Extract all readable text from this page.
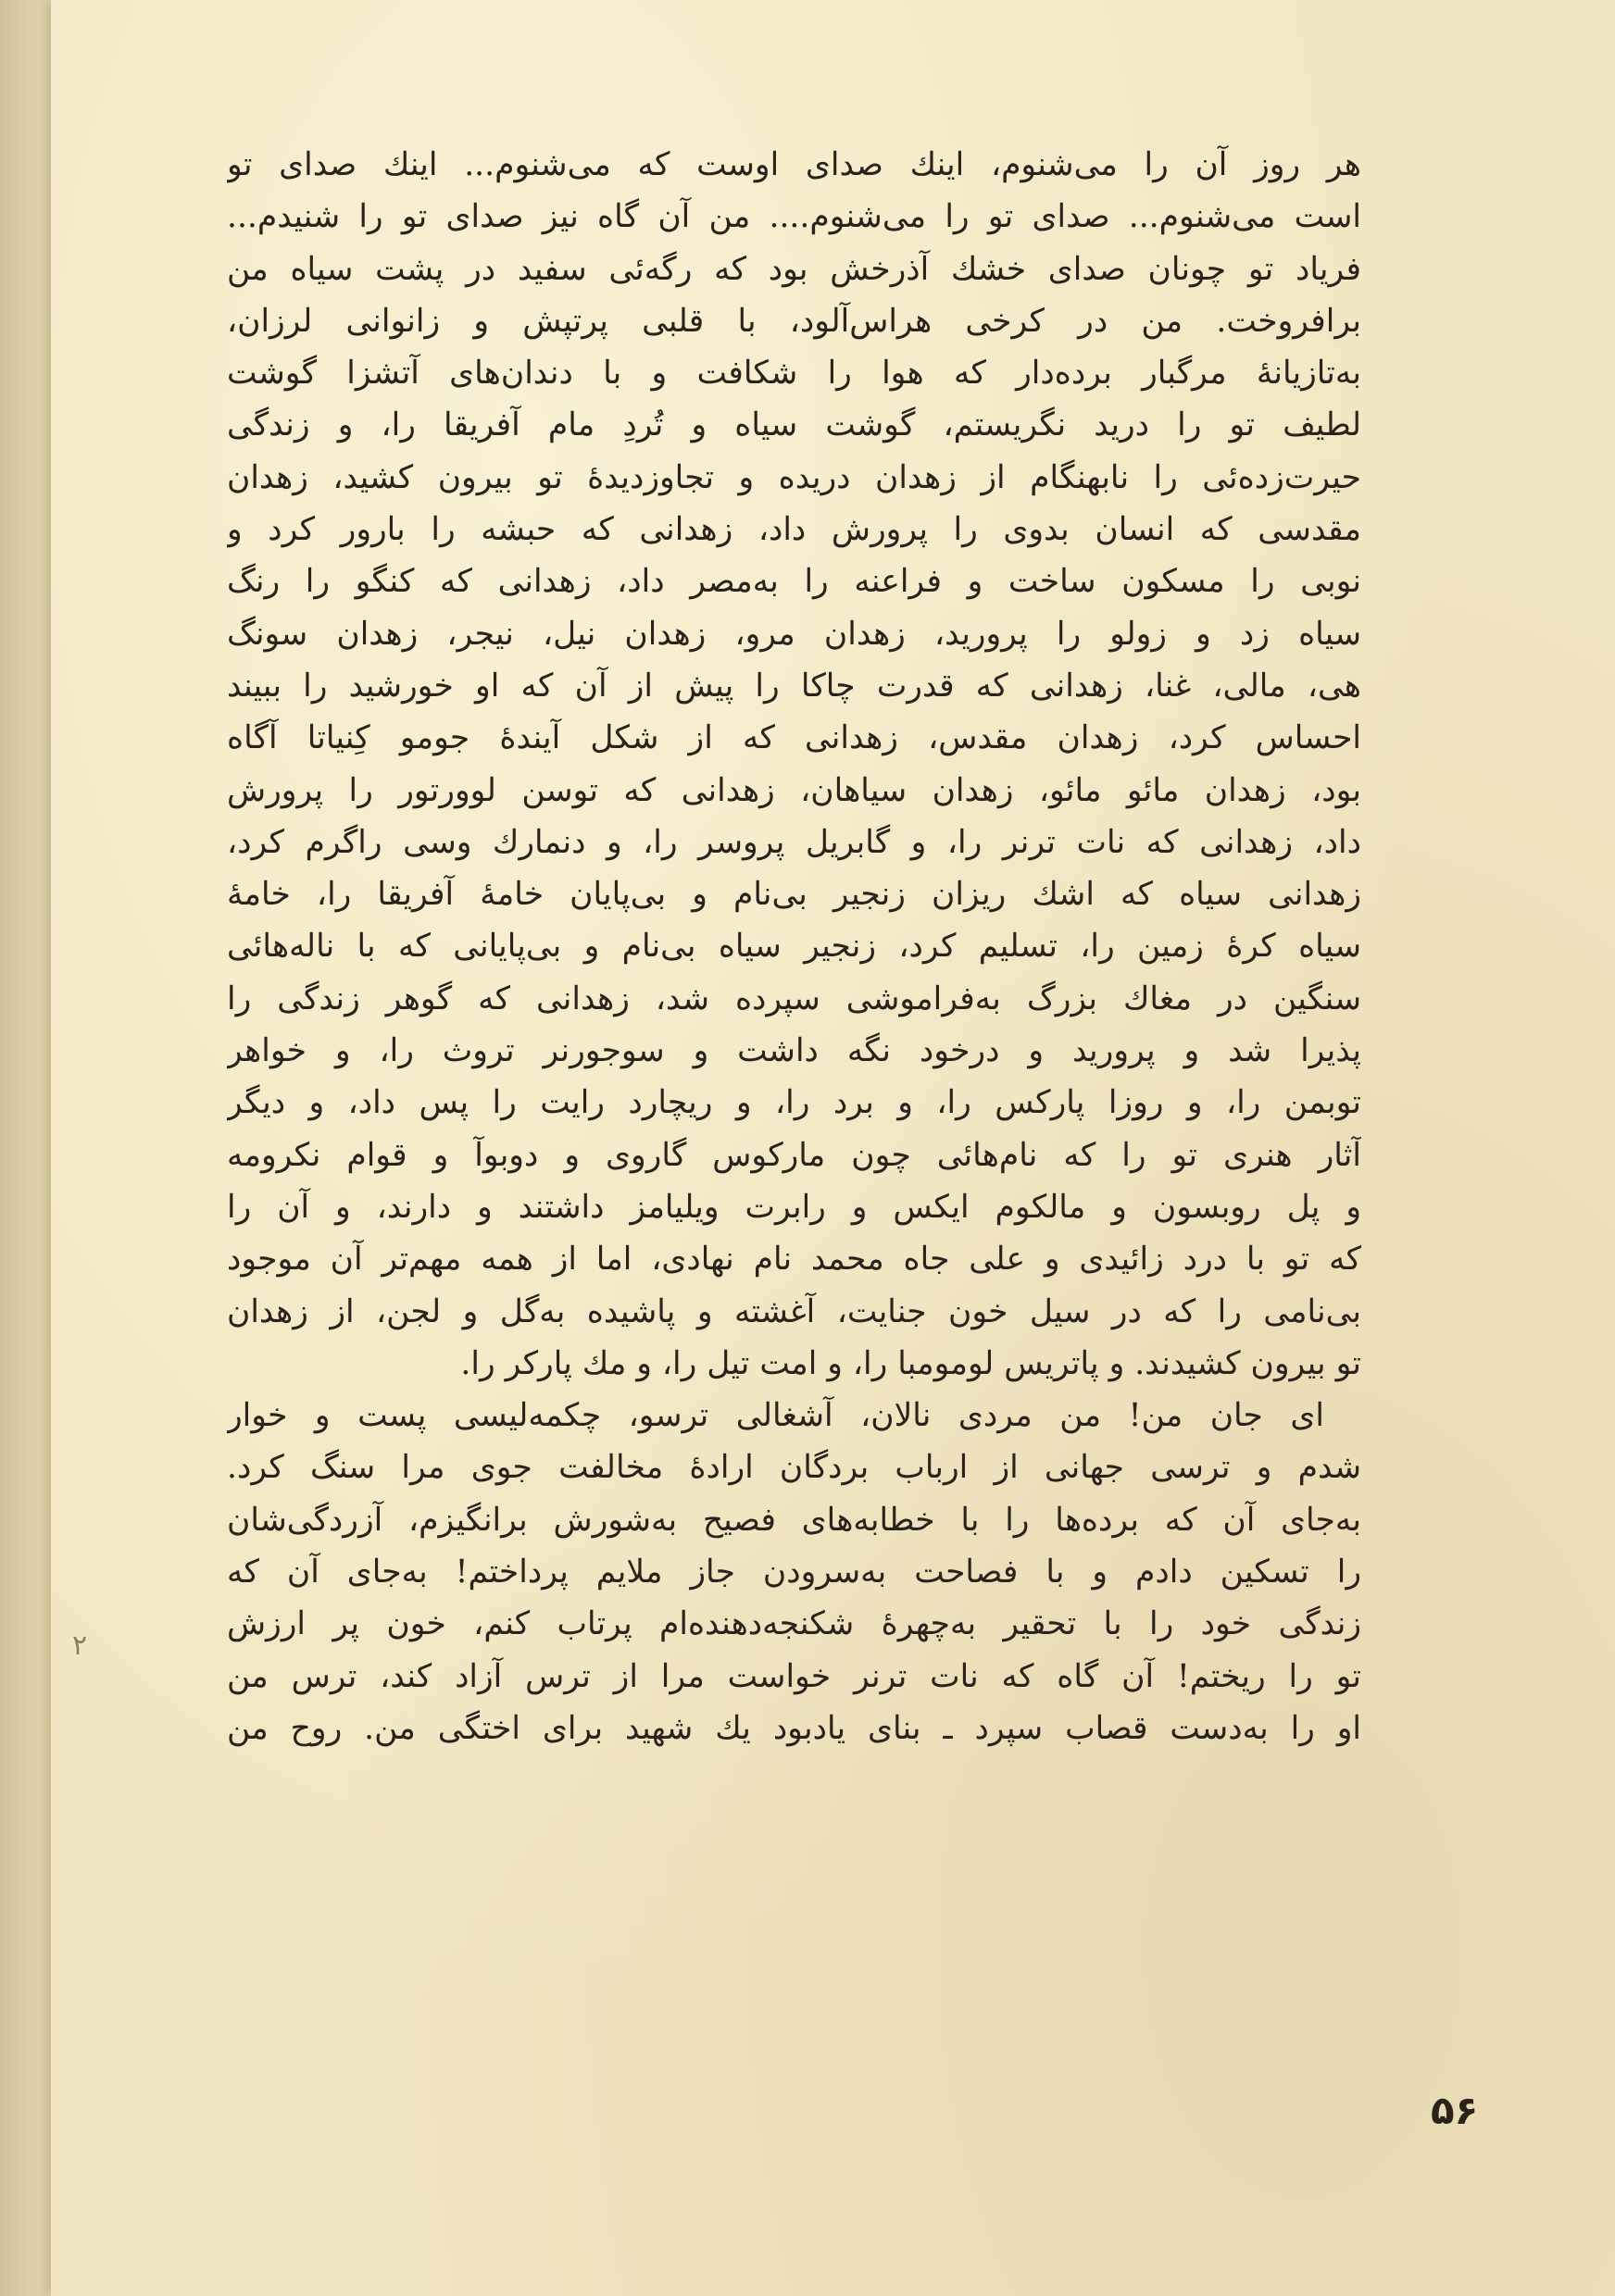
٢
هر روز آن را می‌شنوم، اینك صدای اوست که می‌شنوم... اینك صدای تو
است می‌شنوم... صدای تو را می‌شنوم.... من آن گاه نیز صدای تو را شنیدم...
فریاد تو چونان صدای خشك آذرخش بود که رگه‌ئی سفید در پشت سیاه من
برافروخت. من در کرخی هراس‌آلود، با قلبی پرتپش و زانوانی لرزان،
به‌تازیانهٔ مرگبار برده‌دار که هوا را شکافت و با دندان‌های آتشزا گوشت
لطیف تو را درید نگریستم، گوشت سیاه و تُردِ مام آفریقا را، و زندگی
حیرت‌زده‌ئی را نابهنگام از زهدان دریده و تجاوزدیدهٔ تو بیرون کشید، زهدان
مقدسی که انسان بدوی را پرورش داد، زهدانی که حبشه را بارور کرد و
نوبی را مسکون ساخت و فراعنه را به‌مصر داد، زهدانی که کنگو را رنگ
سیاه زد و زولو را پرورید، زهدان مرو، زهدان نیل، نیجر، زهدان سونگ
هی، مالی، غنا، زهدانی که قدرت چاکا را پیش از آن که او خورشید را ببیند
احساس کرد، زهدان مقدس، زهدانی که از شکل آیندهٔ جومو کِنیاتا آگاه
بود، زهدان مائو مائو، زهدان سیاهان، زهدانی که توسن لوورتور را پرورش
داد، زهدانی که نات ترنر را، و گابریل پروسر را، و دنمارك وسی راگرم کرد،
زهدانی سیاه که اشك ریزان زنجیر بی‌نام و بی‌پایان خامهٔ آفریقا را، خامهٔ
سیاه کرهٔ زمین را، تسلیم کرد، زنجیر سیاه بی‌نام و بی‌پایانی که با ناله‌هائی
سنگین در مغاك بزرگ به‌فراموشی سپرده شد، زهدانی که گوهر زندگی را
پذیرا شد و پرورید و درخود نگه داشت و سوجورنر تروث را، و خواهر
توبمن را، و روزا پارکس را، و برد را، و ریچارد رایت را پس داد، و دیگر
آثار هنری تو را که نام‌هائی چون مارکوس گاروی و دوبوآ و قوام نکرومه
و پل روبسون و مالکوم ایکس و رابرت ویلیامز داشتند و دارند، و آن را
که تو با درد زائیدی و علی جاه محمد نام نهادی، اما از همه مهم‌تر آن موجود
بی‌نامی را که در سیل خون جنایت، آغشته و پاشیده به‌گل و لجن، از زهدان
تو بیرون کشیدند. و پاتریس لومومبا را، و امت تیل را، و مك پارکر را.
ای جان من! من مردی نالان، آشغالی ترسو، چکمه‌لیسی پست و خوار
شدم و ترسی جهانی از ارباب بردگان ارادهٔ مخالفت جوی مرا سنگ کرد.
به‌جای آن که برده‌ها را با خطابه‌های فصیح به‌شورش برانگیزم، آزردگی‌شان
را تسکین دادم و با فصاحت به‌سرودن جاز ملایم پرداختم! به‌جای آن که
زندگی خود را با تحقیر به‌چهرهٔ شکنجه‌دهنده‌ام پرتاب کنم، خون پر ارزش
تو را ریختم! آن گاه که نات ترنر خواست مرا از ترس آزاد کند، ترس من
او را به‌دست قصاب سپرد ـ بنای یادبود یك شهید برای اختگی من. روح من
۵۶
